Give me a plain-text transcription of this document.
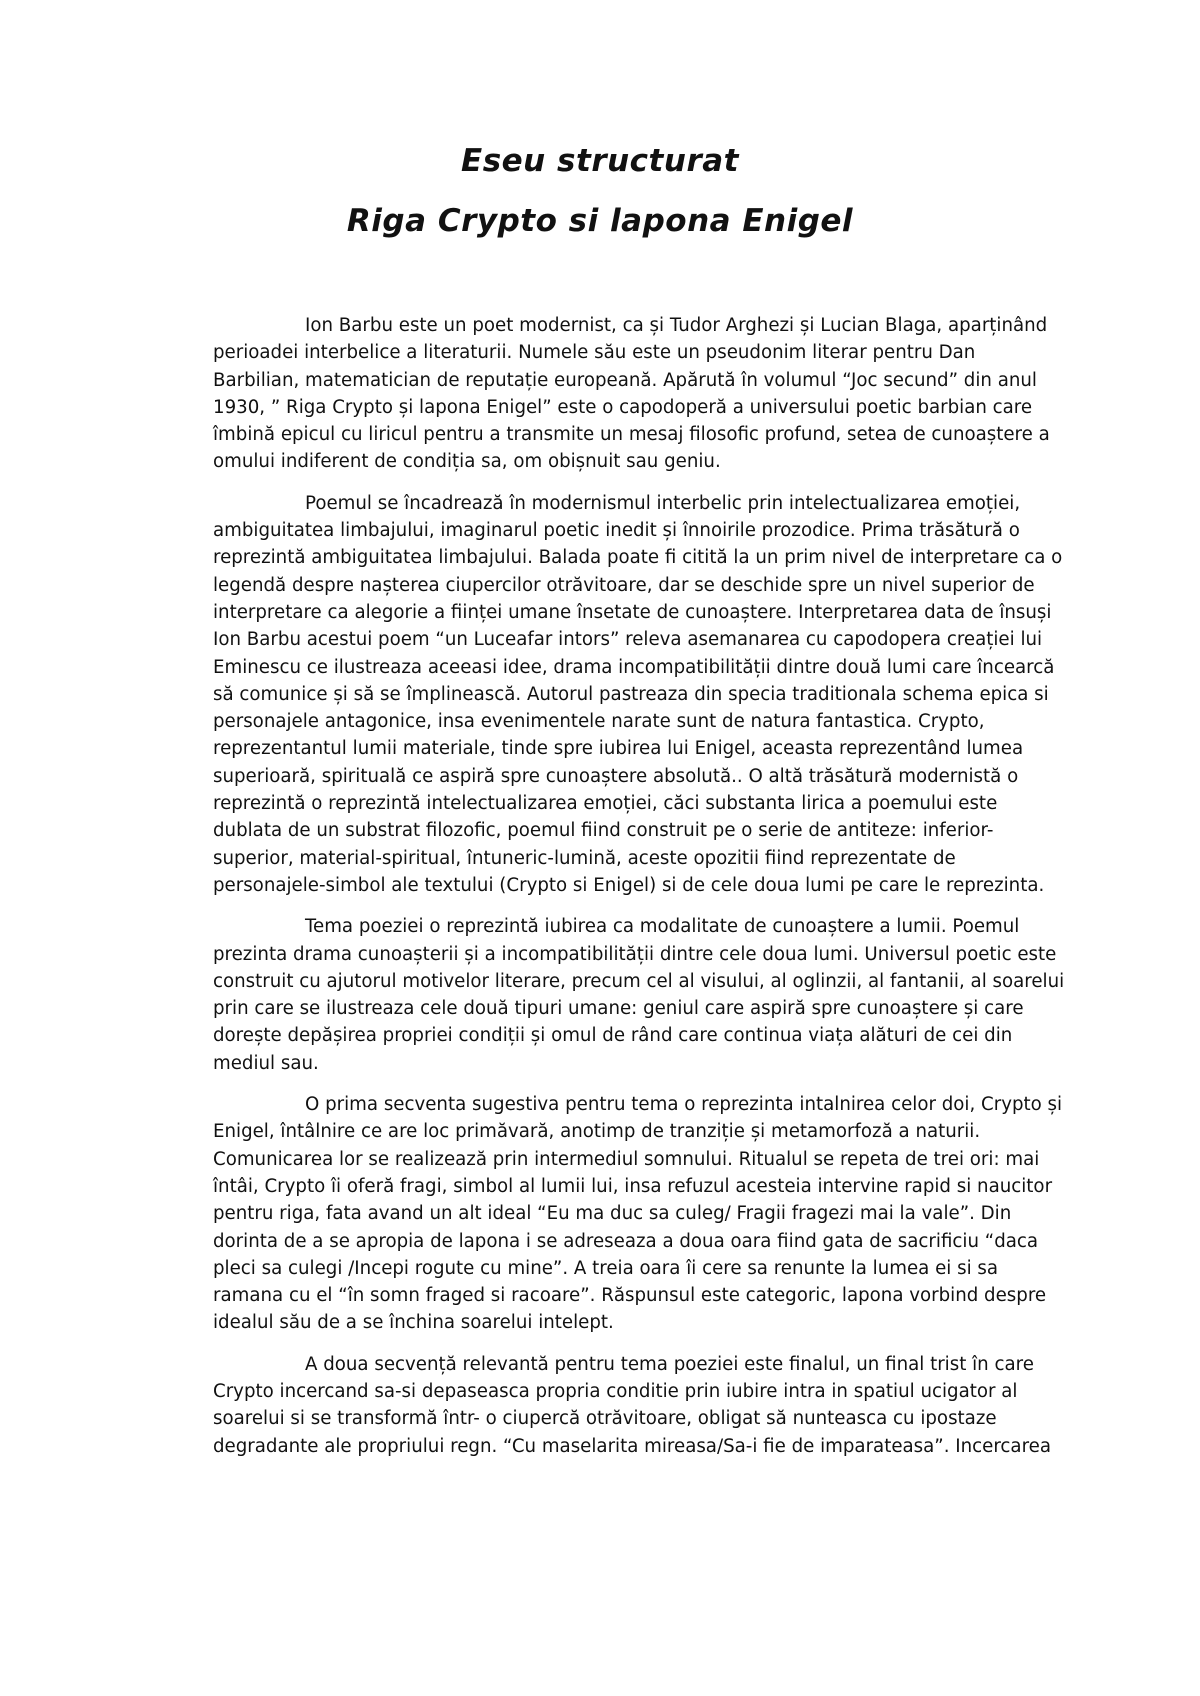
Eseu structurat
Riga Crypto si lapona Enigel

Ion Barbu este un poet modernist, ca și Tudor Arghezi și Lucian Blaga, aparținând perioadei interbelice a literaturii. Numele său este un pseudonim literar pentru Dan Barbilian, matematician de reputație europeană. Apărută în volumul “Joc secund” din anul 1930, ” Riga Crypto și lapona Enigel” este o capodoperă a universului poetic barbian care îmbină epicul cu liricul pentru a transmite un mesaj filosofic profund, setea de cunoaștere a omului indiferent de condiția sa, om obișnuit sau geniu.

Poemul se încadrează în modernismul interbelic prin intelectualizarea emoției, ambiguitatea limbajului, imaginarul poetic inedit și înnoirile prozodice. Prima trăsătură o reprezintă ambiguitatea limbajului. Balada poate fi citită la un prim nivel de interpretare ca o legendă despre nașterea ciupercilor otrăvitoare, dar se deschide spre un nivel superior de interpretare ca alegorie a ființei umane însetate de cunoaștere. Interpretarea data de însuși Ion Barbu acestui poem “un Luceafar intors” releva asemanarea cu capodopera creației lui Eminescu ce ilustreaza aceeasi idee, drama incompatibilității dintre două lumi care încearcă să comunice și să se împlinească. Autorul pastreaza din specia traditionala schema epica si personajele antagonice, insa evenimentele narate sunt de natura fantastica. Crypto, reprezentantul lumii materiale, tinde spre iubirea lui Enigel, aceasta reprezentând lumea superioară, spirituală ce aspiră spre cunoaștere absolută.. O altă trăsătură modernistă o reprezintă o reprezintă intelectualizarea emoției, căci substanta lirica a poemului este dublata de un substrat filozofic, poemul fiind construit pe o serie de antiteze: inferior-superior, material-spiritual, întuneric-lumină, aceste opozitii fiind reprezentate de personajele-simbol ale textului (Crypto si Enigel) si de cele doua lumi pe care le reprezinta.

Tema poeziei o reprezintă iubirea ca modalitate de cunoaștere a lumii. Poemul prezinta drama cunoașterii și a incompatibilității dintre cele doua lumi. Universul poetic este construit cu ajutorul motivelor literare, precum cel al visului, al oglinzii, al fantanii, al soarelui prin care se ilustreaza cele două tipuri umane: geniul care aspiră spre cunoaștere și care dorește depășirea propriei condiții și omul de rând care continua viața alături de cei din mediul sau.

O prima secventa sugestiva pentru tema o reprezinta intalnirea celor doi, Crypto și Enigel, întâlnire ce are loc primăvară, anotimp de tranziție și metamorfoză a naturii. Comunicarea lor se realizează prin intermediul somnului. Ritualul se repeta de trei ori: mai întâi, Crypto îi oferă fragi, simbol al lumii lui, insa refuzul acesteia intervine rapid si naucitor pentru riga, fata avand un alt ideal “Eu ma duc sa culeg/ Fragii fragezi mai la vale”. Din dorinta de a se apropia de lapona i se adreseaza a doua oara fiind gata de sacrificiu “daca pleci sa culegi /Incepi rogute cu mine”. A treia oara îi cere sa renunte la lumea ei si sa ramana cu el “în somn fraged si racoare”. Răspunsul este categoric, lapona vorbind despre idealul său de a se închina soarelui intelept.

A doua secvență relevantă pentru tema poeziei este finalul, un final trist în care Crypto incercand sa-si depaseasca propria conditie prin iubire intra in spatiul ucigator al soarelui si se transformă într- o ciupercă otrăvitoare, obligat să nunteasca cu ipostaze degradante ale propriului regn. “Cu maselarita mireasa/Sa-i fie de imparateasa”. Incercarea
